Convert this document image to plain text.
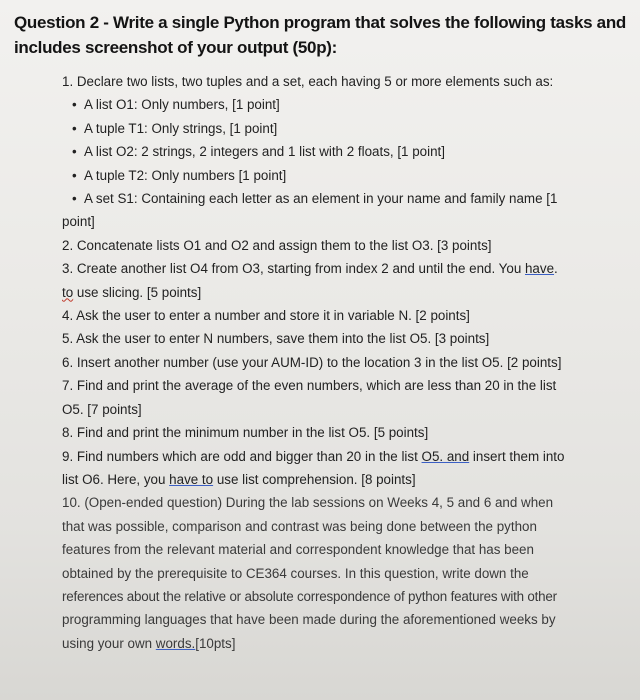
Question 2 - Write a single Python program that solves the following tasks and includes screenshot of your output (50p):

1. Declare two lists, two tuples and a set, each having 5 or more elements such as:

• A list O1: Only numbers, [1 point]

• A tuple T1: Only strings, [1 point]

• A list O2: 2 strings, 2 integers and 1 list with 2 floats, [1 point]

• A tuple T2: Only numbers [1 point]

• A set S1: Containing each letter as an element in your name and family name [1

point]

2. Concatenate lists O1 and O2 and assign them to the list O3. [3 points]

3. Create another list O4 from O3, starting from index 2 and until the end. You have.

to use slicing. [5 points]

4. Ask the user to enter a number and store it in variable N. [2 points]

5. Ask the user to enter N numbers, save them into the list O5. [3 points]

6. Insert another number (use your AUM-ID) to the location 3 in the list O5. [2 points]

7. Find and print the average of the even numbers, which are less than 20 in the list

O5. [7 points]

8. Find and print the minimum number in the list O5. [5 points]

9. Find numbers which are odd and bigger than 20 in the list O5. and insert them into

list O6. Here, you have to use list comprehension. [8 points]

10. (Open-ended question) During the lab sessions on Weeks 4, 5 and 6 and when

that was possible, comparison and contrast was being done between the python

features from the relevant material and correspondent knowledge that has been

obtained by the prerequisite to CE364 courses. In this question, write down the

references about the relative or absolute correspondence of python features with other

programming languages that have been made during the aforementioned weeks by

using your own words.[10pts]
